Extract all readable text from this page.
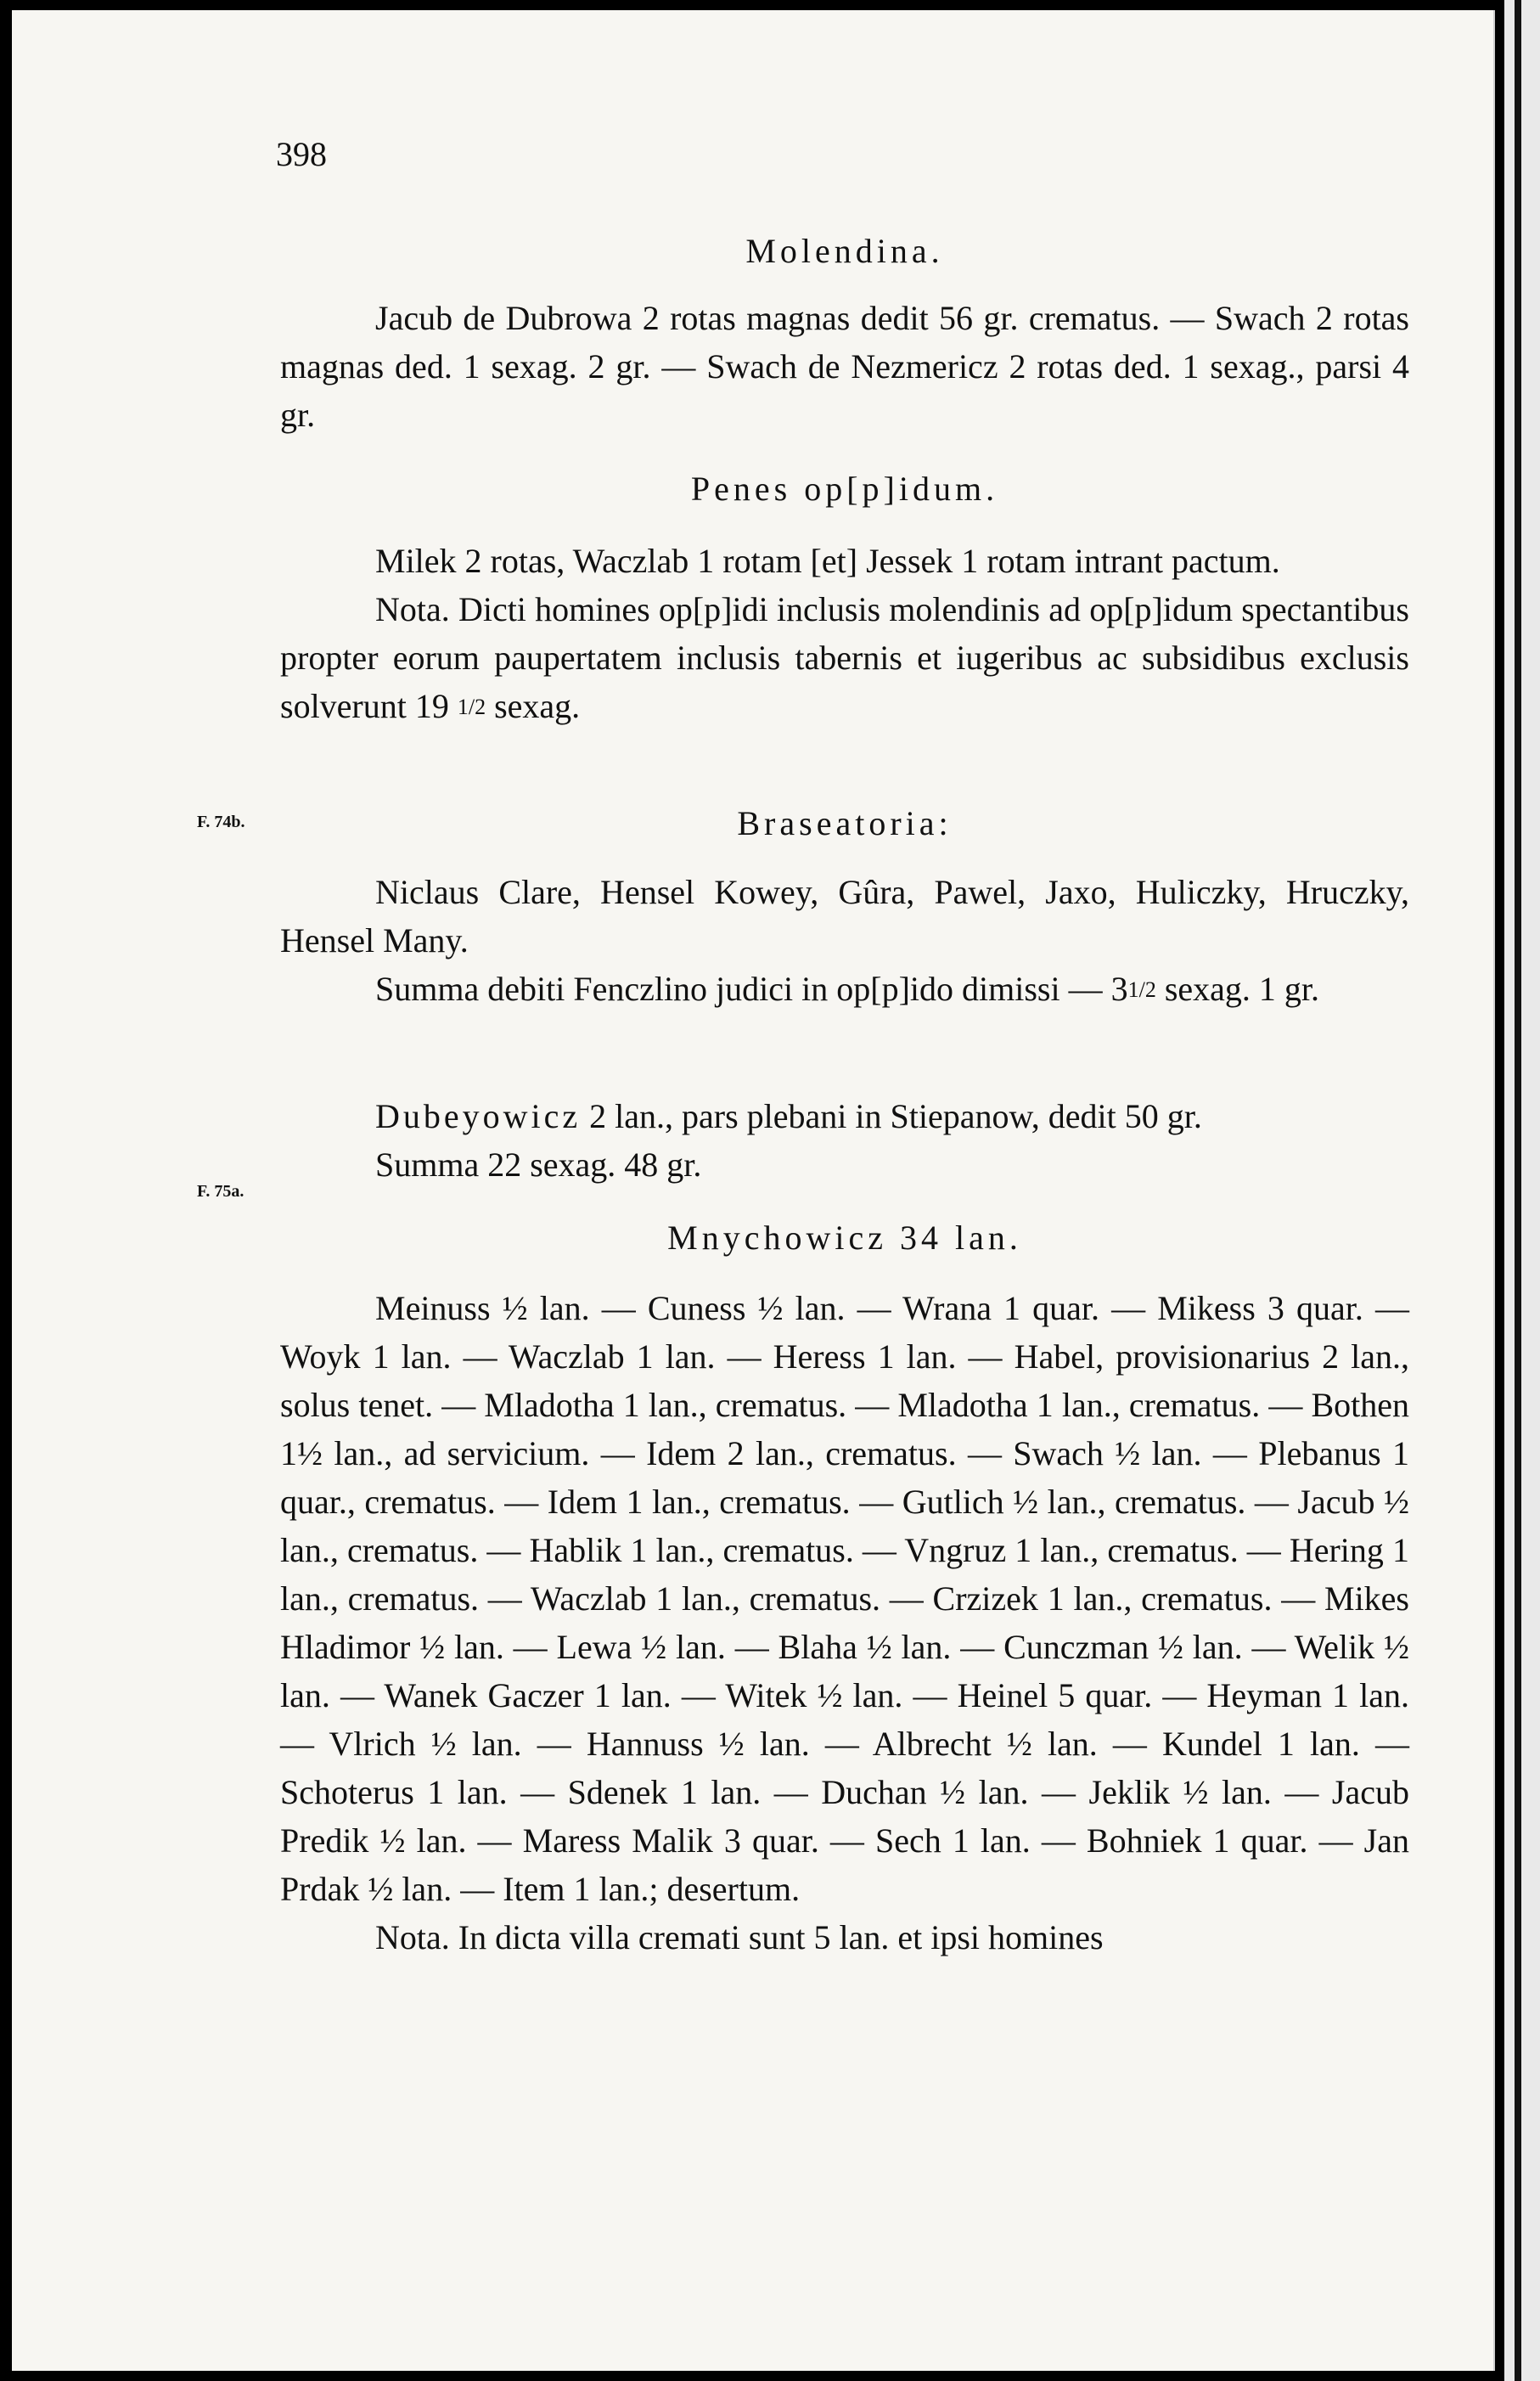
398
Molendina.

Jacub de Dubrowa 2 rotas magnas dedit 56 gr. crematus. — Swach 2 rotas magnas ded. 1 sexag. 2 gr. — Swach de Nezmericz 2 rotas ded. 1 sexag., parsi 4 gr.

Penes op[p]idum.

Milek 2 rotas, Waczlab 1 rotam [et] Jessek 1 rotam intrant pactum.

Nota. Dicti homines op[p]idi inclusis molendinis ad op[p]idum spectantibus propter eorum paupertatem inclusis tabernis et iugeribus ac subsidibus exclusis solverunt 19 1/2 sexag.

F. 74b.	Braseatoria:

Niclaus Clare, Hensel Kowey, Gûra, Pawel, Jaxo, Huliczky, Hruczky, Hensel Many.

Summa debiti Fenczlino judici in op[p]ido dimissi — 31/2 sexag. 1 gr.

Dubeyowicz 2 lan., pars plebani in Stiepanow, dedit 50 gr.

Summa 22 sexag. 48 gr.

F. 75a.
Mnychowicz 34 lan.

Meinuss ½ lan. — Cuness ½ lan. — Wrana 1 quar. — Mikess 3 quar. — Woyk 1 lan. — Waczlab 1 lan. — Heress 1 lan. — Habel, provisionarius 2 lan., solus tenet. — Mladotha 1 lan., crematus. — Mladotha 1 lan., crematus. — Bothen 1½ lan., ad servicium. — Idem 2 lan., crematus. — Swach ½ lan. — Plebanus 1 quar., crematus. — Idem 1 lan., crematus. — Gutlich ½ lan., crematus. — Jacub ½ lan., crematus. — Hablik 1 lan., crematus. — Vngruz 1 lan., crematus. — Hering 1 lan., crematus. — Waczlab 1 lan., crematus. — Crzizek 1 lan., crematus. — Mikes Hladimor ½ lan. — Lewa ½ lan. — Blaha ½ lan. — Cunczman ½ lan. — Welik ½ lan. — Wanek Gaczer 1 lan. — Witek ½ lan. — Heinel 5 quar. — Heyman 1 lan. — Vlrich ½ lan. — Hannuss ½ lan. — Albrecht ½ lan. — Kundel 1 lan. — Schoterus 1 lan. — Sdenek 1 lan. — Duchan ½ lan. — Jeklik ½ lan. — Jacub Predik ½ lan. — Maress Malik 3 quar. — Sech 1 lan. — Bohniek 1 quar. — Jan Prdak ½ lan. — Item 1 lan.; desertum.

Nota. In dicta villa cremati sunt 5 lan. et ipsi homines
